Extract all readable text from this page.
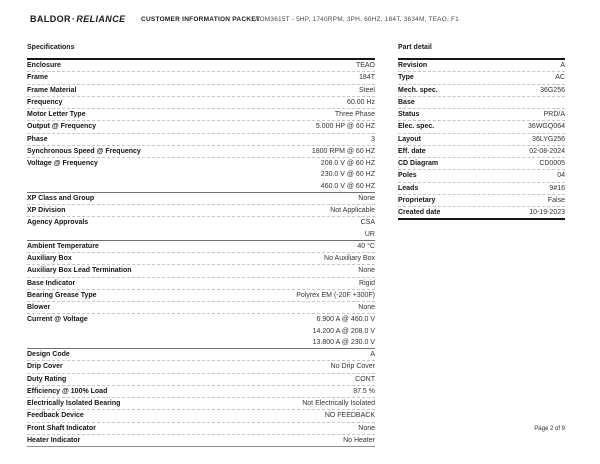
BALDOR·RELIANCE CUSTOMER INFORMATION PACKET
AOM3615T - 5HP, 1740RPM, 3PH, 60HZ, 184T, 3634M, TEAO, F1
Specifications
Enclosure	TEAO
Frame	184T
Frame Material	Steel
Frequency	60.00 Hz
Motor Letter Type	Three Phase
Output @ Frequency	5.000 HP @ 60 HZ
Phase	3
Synchronous Speed @ Frequency	1800 RPM @ 60 HZ
Voltage @ Frequency	208.0 V @ 60 HZ
230.0 V @ 60 HZ
460.0 V @ 60 HZ
XP Class and Group	None
XP Division	Not Applicable
Agency Approvals	CSA
UR
Ambient Temperature	40 °C
Auxiliary Box	No Auxiliary Box
Auxiliary Box Lead Termination	None
Base Indicator	Rigid
Bearing Grease Type	Polyrex EM (-20F +300F)
Blower	None
Current @ Voltage	6.900 A @ 460.0 V
14.200 A @ 208.0 V
13.800 A @ 230.0 V
Design Code	A
Drip Cover	No Drip Cover
Duty Rating	CONT
Efficiency @ 100% Load	87.5 %
Electrically Isolated Bearing	Not Electrically Isolated
Feedback Device	NO FEEDBACK
Front Shaft Indicator	None
Heater Indicator	No Heater
Part detail
Revision	A
Type	AC
Mech. spec.	36G256
Base
Status	PRD/A
Elec. spec.	36WGQ064
Layout	36LYG256
Eff. date	02-08-2024
CD Diagram	CD0005
Poles	04
Leads	9#16
Proprietary	False
Created date	10-19-2023
Page 2 of 9
